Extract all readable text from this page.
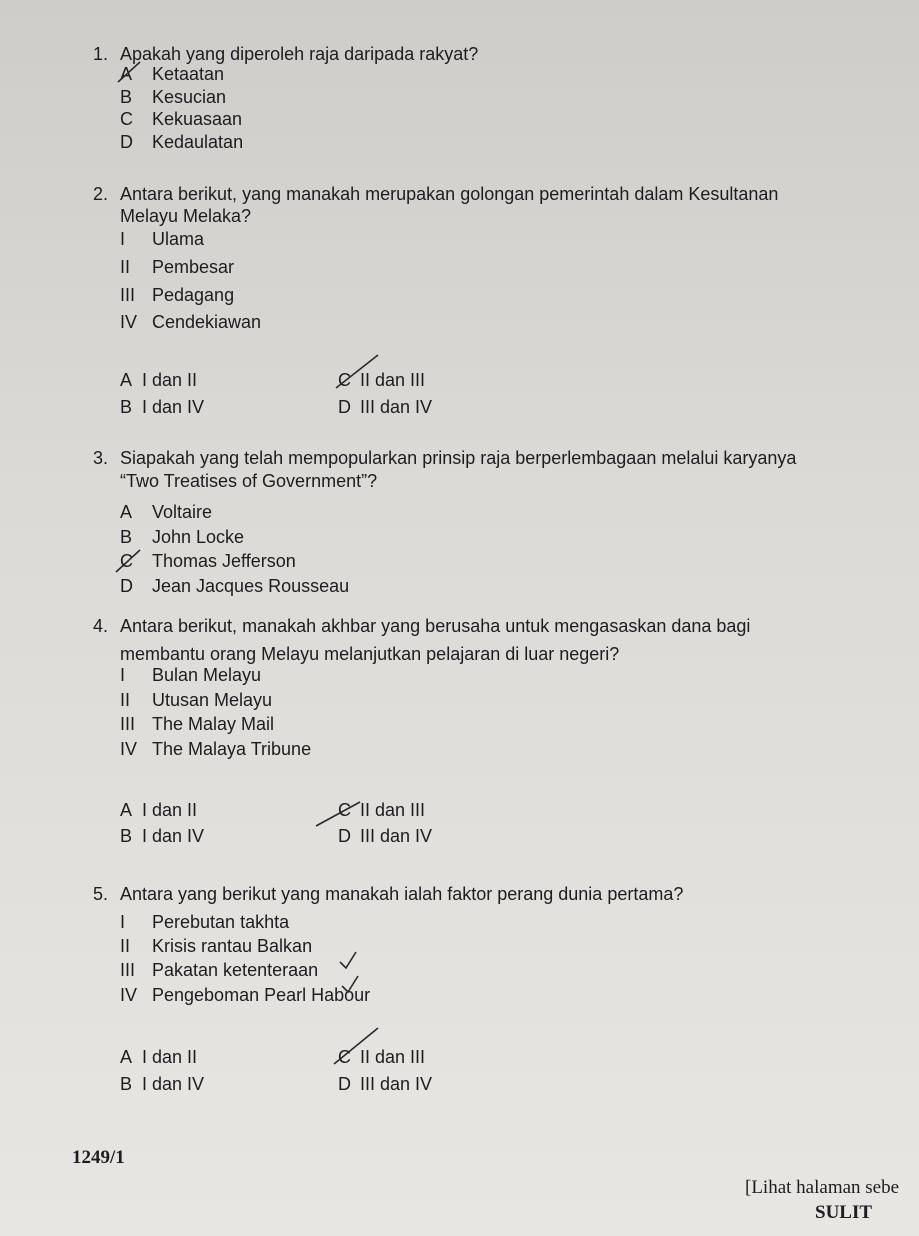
1. Apakah yang diperoleh raja daripada rakyat?
A Ketaatan
B Kesucian
C Kekuasaan
D Kedaulatan
2. Antara berikut, yang manakah merupakan golongan pemerintah dalam Kesultanan
Melayu Melaka?
I Ulama
II Pembesar
III Pedagang
IV Cendekiawan
A I dan II
B I dan IV
C II dan III
D III dan IV
3. Siapakah yang telah mempopularkan prinsip raja berperlembagaan melalui karyanya
“Two Treatises of Government”?
A Voltaire
B John Locke
C Thomas Jefferson
D Jean Jacques Rousseau
4. Antara berikut, manakah akhbar yang berusaha untuk mengasaskan dana bagi
membantu orang Melayu melanjutkan pelajaran di luar negeri?
I Bulan Melayu
II Utusan Melayu
III The Malay Mail
IV The Malaya Tribune
A I dan II
B I dan IV
C II dan III
D III dan IV
5. Antara yang berikut yang manakah ialah faktor perang dunia pertama?
I Perebutan takhta
II Krisis rantau Balkan
III Pakatan ketenteraan
IV Pengeboman Pearl Habour
A I dan II
B I dan IV
C II dan III
D III dan IV
1249/1
[Lihat halaman sebe
SULIT
